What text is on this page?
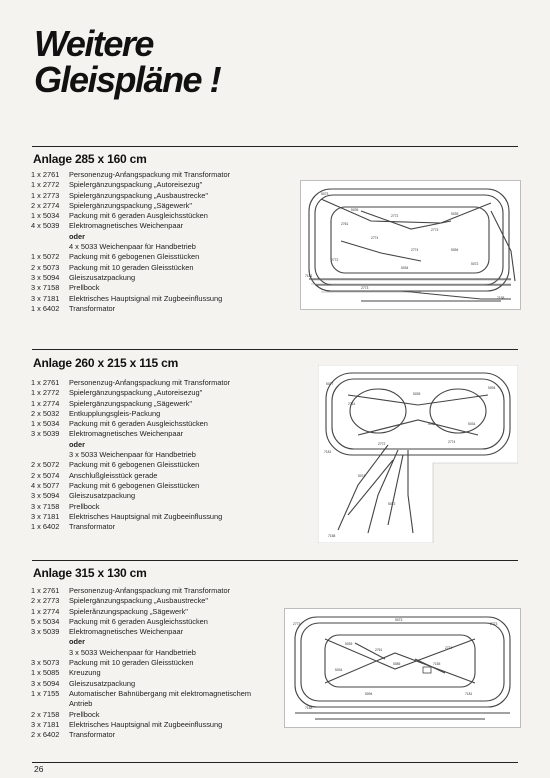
Weitere
Gleispläne !
Anlage 285 x 160 cm
1 x 2761	Personenzug-Anfangspackung mit Transformator
1 x 2772	Spielergänzungspackung „Autoreisezug"
1 x 2773	Spielergänzungspackung „Ausbaustrecke"
2 x 2774	Spielergänzungspackung „Sägewerk"
1 x 5034	Packung mit 6 geraden Ausgleichsstücken
4 x 5039	Elektromagnetisches Weichenpaar
oder
4 x 5033 Weichenpaar für Handbetrieb
1 x 5072	Packung mit 6 gebogenen Gleisstücken
2 x 5073	Packung mit 10 geraden Gleisstücken
3 x 5094	Gleiszusatzpackung
3 x 7158	Prellbock
3 x 7181	Elektrisches Hauptsignal mit Zugbeeinflussung
1 x 6402	Transformator
5073
5039
2761
2772
2773
2774
5094
5034
5072
7181
7158
2773
5039
2774
2772
Anlage 260 x 215 x 115 cm
1 x 2761	Personenzug-Anfangspackung mit Transformator
1 x 2772	Spielergänzungspackung „Autoreisezug"
1 x 2774	Spielergänzungspackung „Sägewerk"
2 x 5032	Entkupplungsgleis-Packung
1 x 5034	Packung mit 6 geraden Ausgleichsstücken
3 x 5039	Elektromagnetisches Weichenpaar
oder
3 x 5033 Weichenpaar für Handbetrieb
2 x 5072	Packung mit 6 gebogenen Gleisstücken
2 x 5074	Anschlußgleisstück gerade
4 x 5077	Packung mit 6 gebogenen Gleisstücken
3 x 5094	Gleiszusatzpackung
3 x 7158	Prellbock
3 x 7181	Elektrisches Hauptsignal mit Zugbeeinflussung
1 x 6402	Transformator
5077
2761
5039
5094
5032
2772
5074
7181
2774
5034
5072
7158
Anlage 315 x 130 cm
1 x 2761	Personenzug-Anfangspackung mit Transformator
2 x 2773	Spielergänzungspackung „Ausbaustrecke"
1 x 2774	Spielerănzungspackung „Sägewerk"
5 x 5034	Packung mit 6 geraden Ausgleichsstücken
3 x 5039	Elektromagnetisches Weichenpaar
oder
3 x 5033 Weichenpaar für Handbetrieb
3 x 5073	Packung mit 10 geraden Gleisstücken
1 x 5085	Kreuzung
3 x 5094	Gleiszusatzpackung
1 x 7155	Automatischer Bahnübergang mit elektromagnetischem
Antrieb
2 x 7158	Prellbock
3 x 7181	Elektrisches Hauptsignal mit Zugbeeinflussung
2 x 6402	Transformator
2773
5073
5039
2761
5034
5085	7155
2774
5094	7181
7158
2773
26
